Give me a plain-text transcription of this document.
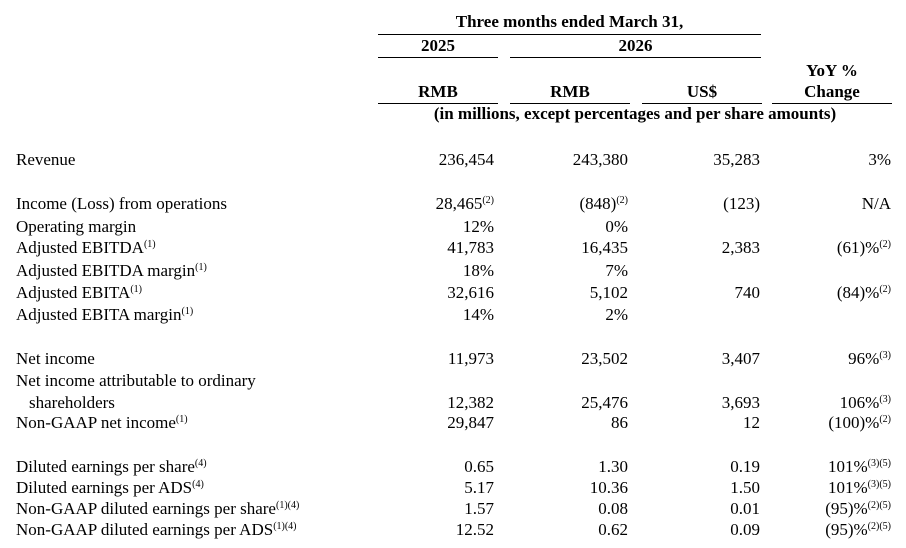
Three months ended March 31,
2025	2026
YoY %
Change
RMB	RMB	US$
(in millions, except percentages and per share amounts)
Revenue	236,454	243,380	35,283	3%
Income (Loss) from operations	28,465$^{(2)}$	$(848)^{(2)}$	(123)	N/A
Operating margin	12%	0%
Adjusted EBITDA$^{(1)}$	41,783	16,435	2,383	(61)%$^{(2)}$
Adjusted EBITDA margin$^{(1)}$	18%	7%
Adjusted EBITA$^{(1)}$	32,616	5,102	740	(84)%$^{(2)}$
Adjusted EBITA margin$^{(1)}$	14%	2%
Net income	11,973	23,502	3,407	96%$^{(3)}$
Net income attributable to ordinary
shareholders	12,382	25,476	3,693	106%$^{(3)}$
Non-GAAP net income$^{(1)}$	29,847	86	12	(100)%$^{(2)}$
Diluted earnings per share$^{(4)}$	0.65	1.30	0.19	101%$^{(3)(5)}$
Diluted earnings per ADS$^{(4)}$	5.17	10.36	1.50	101%$^{(3)(5)}$
Non-GAAP diluted earnings per share$^{(1)(4)}$	1.57	0.08	0.01	(95)%$^{(2)(5)}$
Non-GAAP diluted earnings per $ADS^{(1)(4)}$	12.52	0.62	0.09	(95)%$^{(2)(5)}$
